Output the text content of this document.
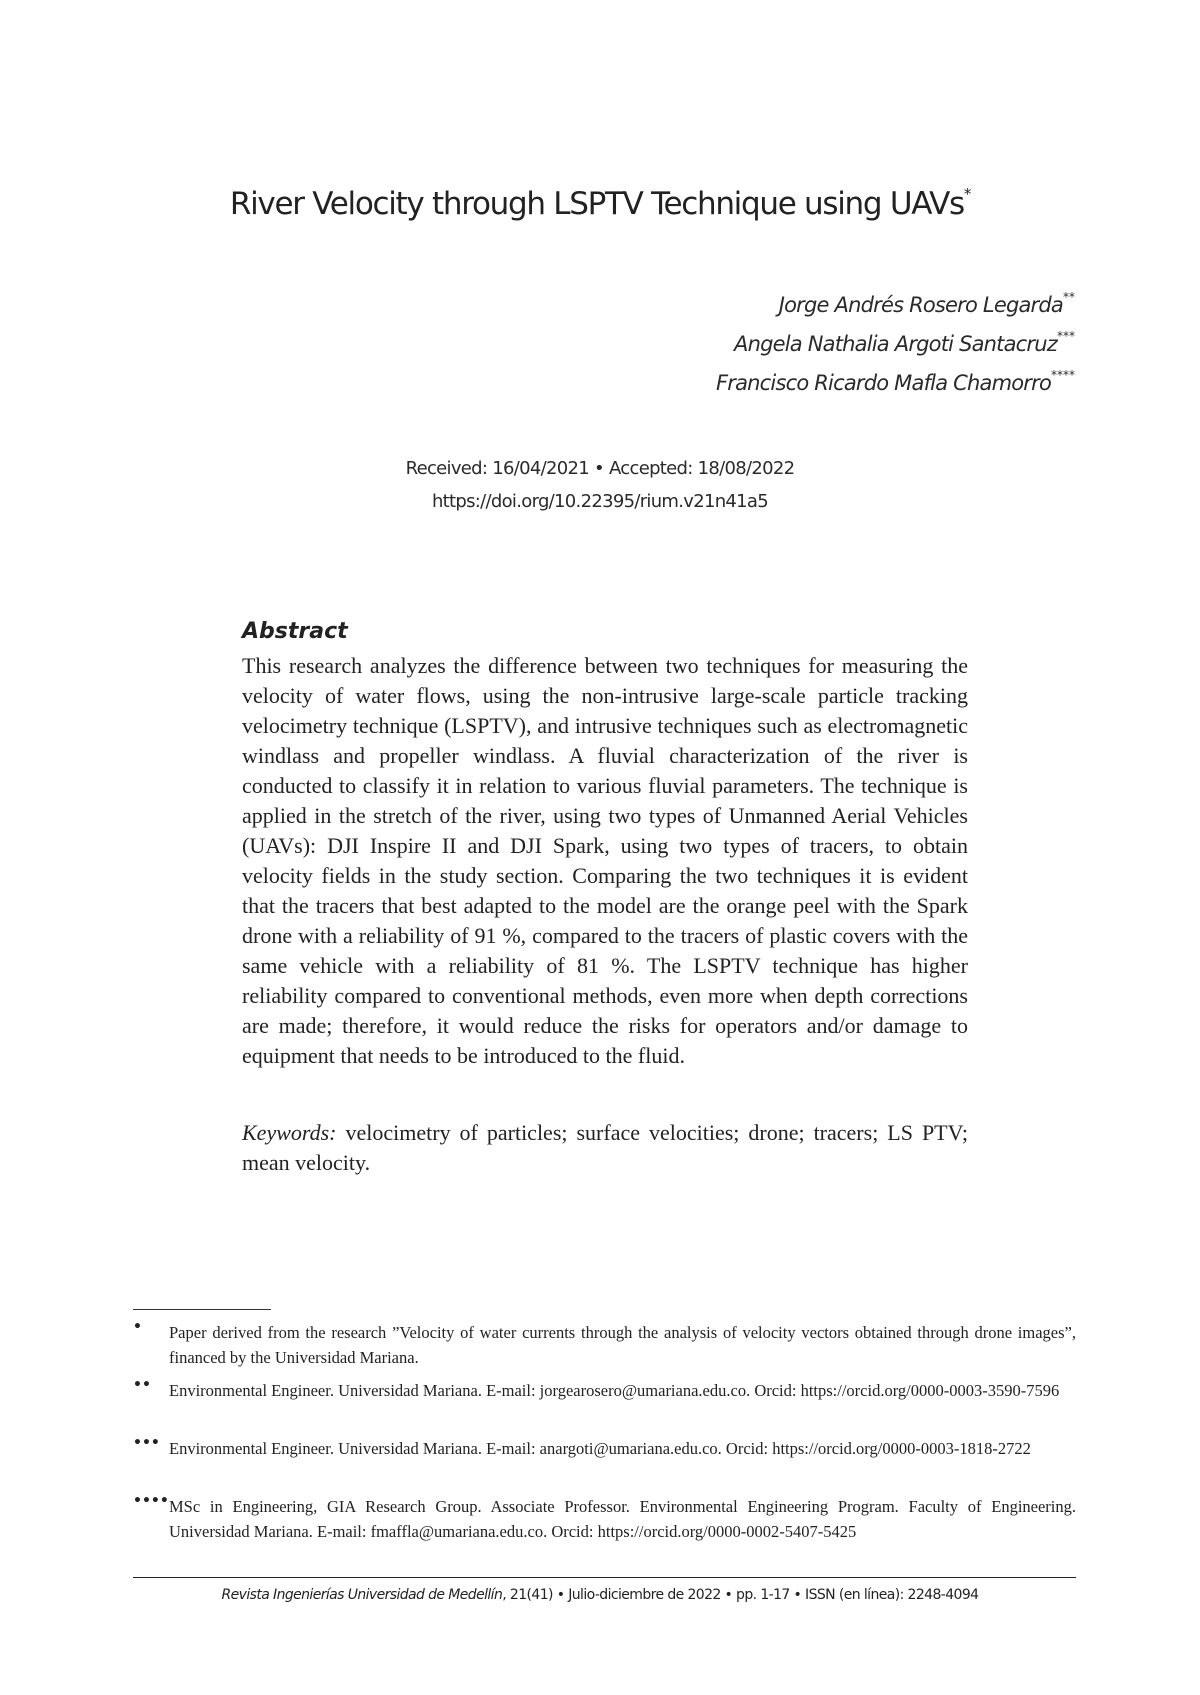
River Velocity through LSPTV Technique using UAVs*
Jorge Andrés Rosero Legarda**
Angela Nathalia Argoti Santacruz***
Francisco Ricardo Mafla Chamorro****
Received: 16/04/2021 • Accepted: 18/08/2022
https://doi.org/10.22395/rium.v21n41a5
Abstract

This research analyzes the difference between two techniques for measuring the velocity of water flows, using the non-intrusive large-scale particle tracking velocimetry technique (LSPTV), and intrusive techniques such as electromagnetic windlass and propeller windlass. A fluvial characterization of the river is conducted to classify it in relation to various fluvial parameters. The technique is applied in the stretch of the river, using two types of Unmanned Aerial Vehicles (UAVs): DJI Inspire II and DJI Spark, using two types of tracers, to obtain velocity fields in the study section. Comparing the two techniques it is evident that the tracers that best adapted to the model are the orange peel with the Spark drone with a reliability of 91 %, compared to the tracers of plastic covers with the same vehicle with a reliability of 81 %. The LSPTV technique has higher reliability compared to conventional methods, even more when depth corrections are made; therefore, it would reduce the risks for operators and/or damage to equipment that needs to be introduced to the fluid.

Keywords: velocimetry of particles; surface velocities; drone; tracers; LS PTV; mean velocity.

• Paper derived from the research ”Velocity of water currents through the analysis of velocity vectors obtained through drone images”, financed by the Universidad Mariana.
•• Environmental Engineer. Universidad Mariana. E-mail: jorgearosero@umariana.edu.co. Orcid: https://orcid.org/0000-0003-3590-7596
••• Environmental Engineer. Universidad Mariana. E-mail: anargoti@umariana.edu.co. Orcid: https://orcid.org/0000-0003-1818-2722
•••• MSc in Engineering, GIA Research Group. Associate Professor. Environmental Engineering Program. Faculty of Engineering. Universidad Mariana. E-mail: fmaffla@umariana.edu.co. Orcid: https://orcid.org/0000-0002-5407-5425
Revista Ingenierías Universidad de Medellín, 21(41) • Julio-diciembre de 2022 • pp. 1-17 • ISSN (en línea): 2248-4094
